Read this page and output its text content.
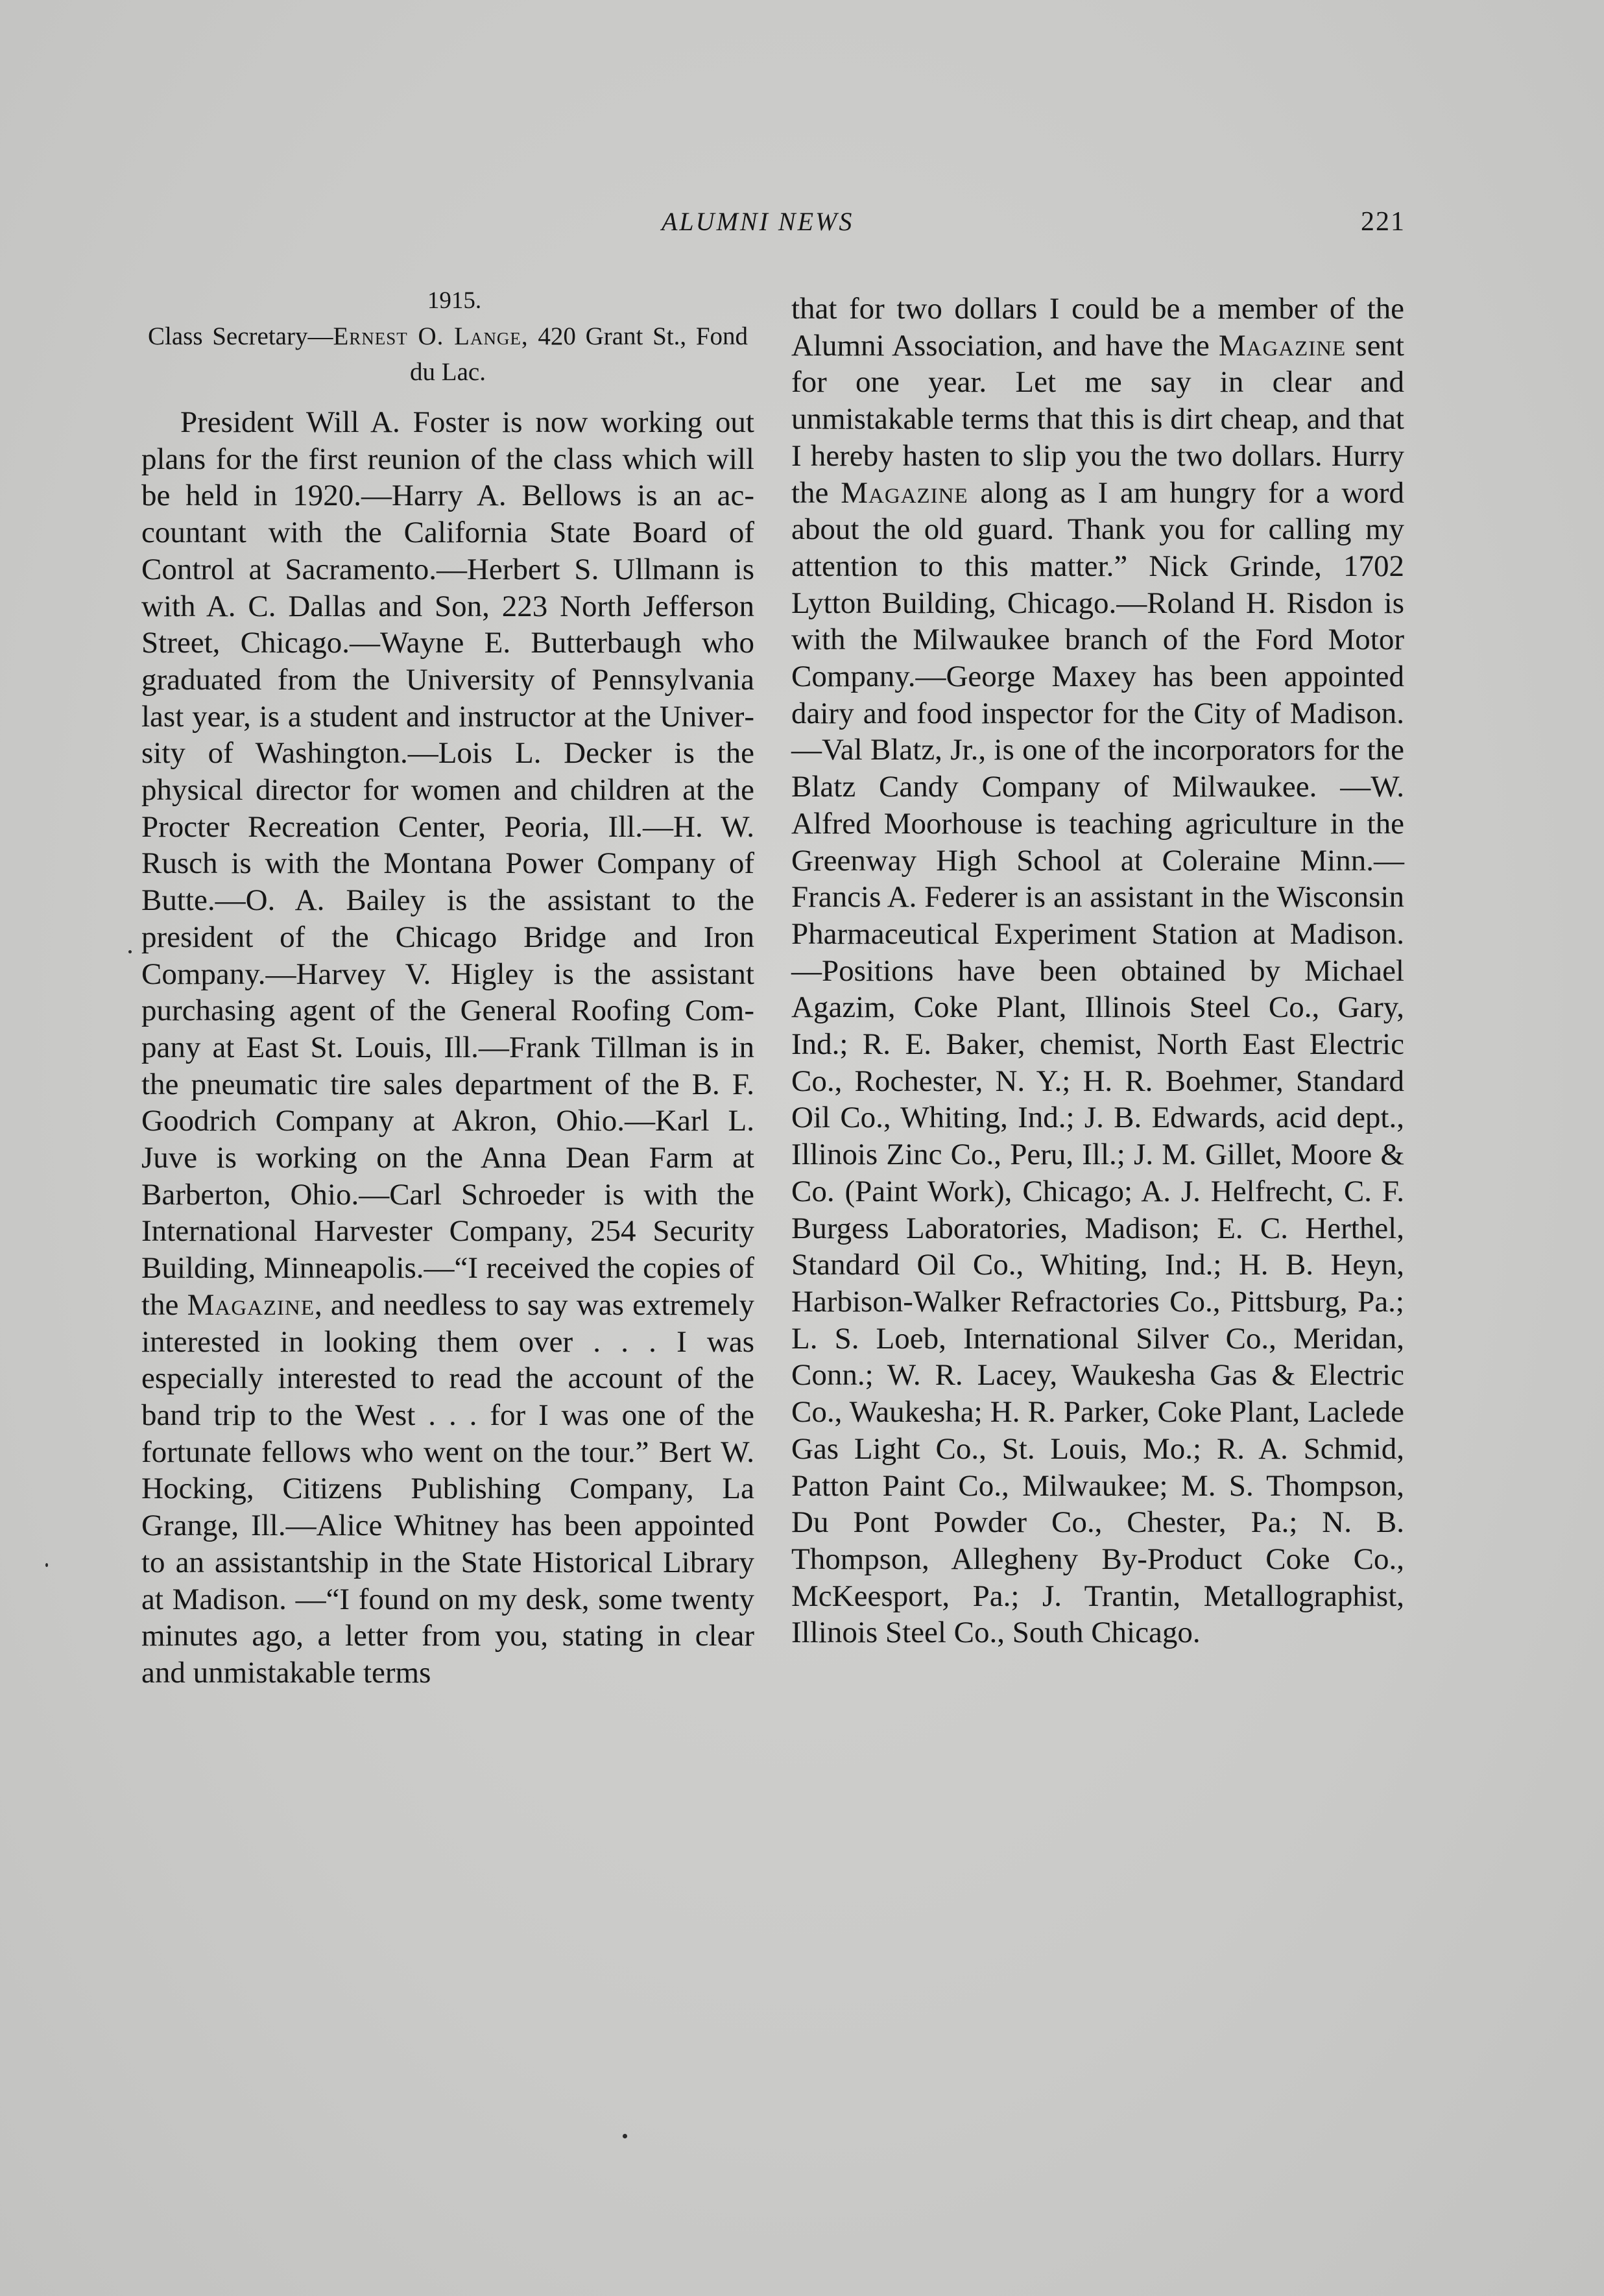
ALUMNI NEWS	221
1915.
Class Secretary—Ernest O. Lange, 420 Grant St., Fond du Lac.

President Will A. Foster is now working out plans for the first reunion of the class which will be held in 1920.—Harry A. Bellows is an accountant with the California State Board of Control at Sacramento.—Herbert S. Ullmann is with A. C. Dallas and Son, 223 North Jefferson Street, Chicago.—Wayne E. Butterbaugh who graduated from the University of Pennsylvania last year, is a student and instructor at the University of Washington.—Lois L. Decker is the physical director for women and children at the Procter Recreation Center, Peoria, Ill.—H. W. Rusch is with the Montana Power Company of Butte.—O. A. Bailey is the assistant to the president of the Chicago Bridge and Iron Company.—Harvey V. Higley is the assistant purchasing agent of the General Roofing Company at East St. Louis, Ill.—Frank Tillman is in the pneumatic tire sales department of the B. F. Goodrich Company at Akron, Ohio.—Karl L. Juve is working on the Anna Dean Farm at Barberton, Ohio.—Carl Schroeder is with the International Harvester Company, 254 Security Building, Minneapolis.—“I received the copies of the Magazine, and needless to say was extremely interested in looking them over . . . I was especially interested to read the account of the band trip to the West . . . for I was one of the fortunate fellows who went on the tour.” Bert W. Hocking, Citizens Publishing Company, La Grange, Ill.—Alice Whitney has been appointed to an assistantship in the State Historical Library at Madison. —“I found on my desk, some twenty minutes ago, a letter from you, stating in clear and unmistakable terms

that for two dollars I could be a member of the Alumni Association, and have the Magazine sent for one year. Let me say in clear and unmistakable terms that this is dirt cheap, and that I hereby hasten to slip you the two dollars. Hurry the Magazine along as I am hungry for a word about the old guard. Thank you for calling my attention to this matter.” Nick Grinde, 1702 Lytton Building, Chicago.—Roland H. Risdon is with the Milwaukee branch of the Ford Motor Company.—George Maxey has been appointed dairy and food inspector for the City of Madison.—Val Blatz, Jr., is one of the incorporators for the Blatz Candy Company of Milwaukee. —W. Alfred Moorhouse is teaching agriculture in the Greenway High School at Coleraine Minn.—Francis A. Federer is an assistant in the Wisconsin Pharmaceutical Experiment Station at Madison.—Positions have been obtained by Michael Agazim, Coke Plant, Illinois Steel Co., Gary, Ind.; R. E. Baker, chemist, North East Electric Co., Rochester, N. Y.; H. R. Boehmer, Standard Oil Co., Whiting, Ind.; J. B. Edwards, acid dept., Illinois Zinc Co., Peru, Ill.; J. M. Gillet, Moore & Co. (Paint Work), Chicago; A. J. Helfrecht, C. F. Burgess Laboratories, Madison; E. C. Herthel, Standard Oil Co., Whiting, Ind.; H. B. Heyn, Harbison-Walker Refractories Co., Pittsburg, Pa.; L. S. Loeb, International Silver Co., Meridan, Conn.; W. R. Lacey, Waukesha Gas & Electric Co., Waukesha; H. R. Parker, Coke Plant, Laclede Gas Light Co., St. Louis, Mo.; R. A. Schmid, Patton Paint Co., Milwaukee; M. S. Thompson, Du Pont Powder Co., Chester, Pa.; N. B. Thompson, Allegheny By-Product Coke Co., McKeesport, Pa.; J. Trantin, Metallographist, Illinois Steel Co., South Chicago.
